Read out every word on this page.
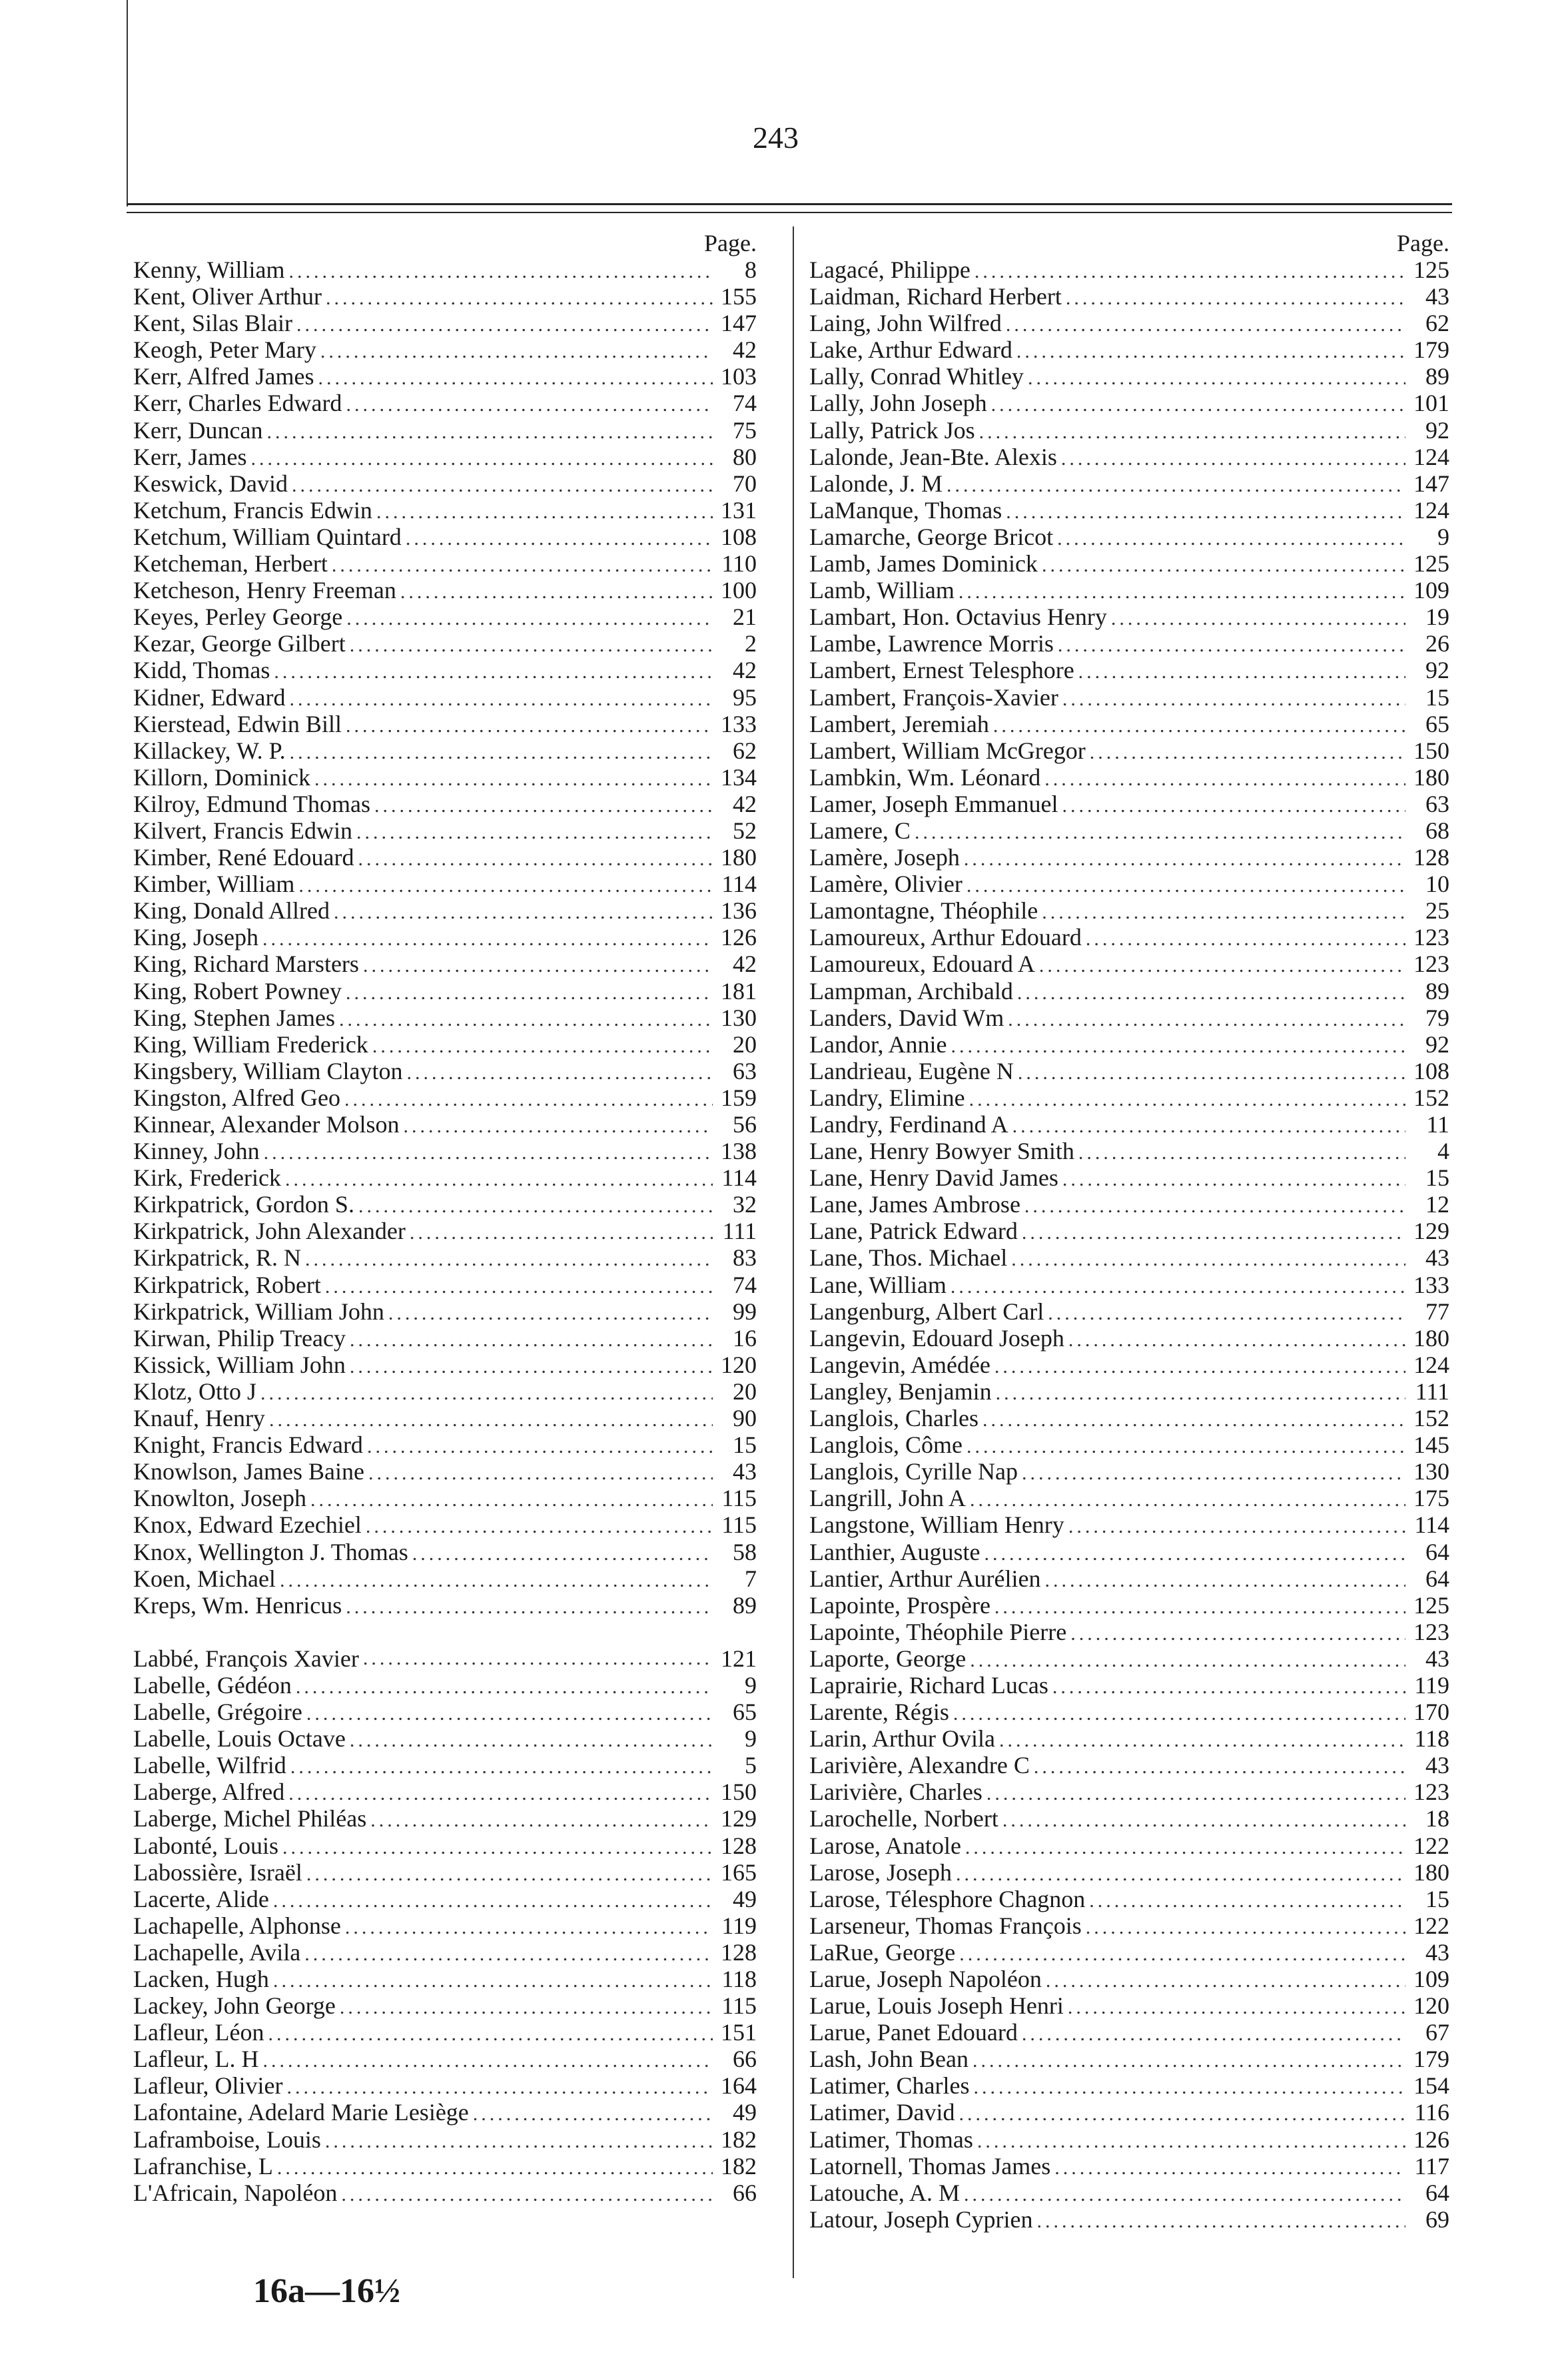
243
Page.
Kenny, William .....	8
Kent, Oliver Arthur .....	155
Kent, Silas Blair .....	147
Keogh, Peter Mary .....	42
Kerr, Alfred James .....	103
Kerr, Charles Edward .....	74
Kerr, Duncan .....	75
Kerr, James .....	80
Keswick, David .....	70
Ketchum, Francis Edwin .....	131
Ketchum, William Quintard .....	108
Ketcheman, Herbert .....	110
Ketcheson, Henry Freeman .....	100
Keyes, Perley George .....	21
Kezar, George Gilbert .....	2
Kidd, Thomas .....	42
Kidner, Edward .....	95
Kierstead, Edwin Bill .....	133
Killackey, W. P. .....	62
Killorn, Dominick .....	134
Kilroy, Edmund Thomas .....	42
Kilvert, Francis Edwin .....	52
Kimber, René Edouard .....	180
Kimber, William .....	114
King, Donald Allred .....	136
King, Joseph .....	126
King, Richard Marsters .....	42
King, Robert Powney .....	181
King, Stephen James .....	130
King, William Frederick .....	20
Kingsbery, William Clayton .....	63
Kingston, Alfred Geo .....	159
Kinnear, Alexander Molson .....	56
Kinney, John .....	138
Kirk, Frederick .....	114
Kirkpatrick, Gordon S. .....	32
Kirkpatrick, John Alexander .....	111
Kirkpatrick, R. N .....	83
Kirkpatrick, Robert .....	74
Kirkpatrick, William John .....	99
Kirwan, Philip Treacy .....	16
Kissick, William John .....	120
Klotz, Otto J .....	20
Knauf, Henry .....	90
Knight, Francis Edward .....	15
Knowlson, James Baine .....	43
Knowlton, Joseph .....	115
Knox, Edward Ezechiel .....	115
Knox, Wellington J. Thomas .....	58
Koen, Michael .....	7
Kreps, Wm. Henricus .....	89
Labbé, François Xavier .....	121
Labelle, Gédéon .....	9
Labelle, Grégoire .....	65
Labelle, Louis Octave .....	9
Labelle, Wilfrid .....	5
Laberge, Alfred .....	150
Laberge, Michel Philéas .....	129
Labonté, Louis .....	128
Labossière, Israël .....	165
Lacerte, Alide .....	49
Lachapelle, Alphonse .....	119
Lachapelle, Avila .....	128
Lacken, Hugh .....	118
Lackey, John George .....	115
Lafleur, Léon .....	151
Lafleur, L. H .....	66
Lafleur, Olivier .....	164
Lafontaine, Adelard Marie Lesiège .....	49
Laframboise, Louis .....	182
Lafranchise, L .....	182
L'Africain, Napoléon .....	66
Page.
Lagacé, Philippe .....	125
Laidman, Richard Herbert .....	43
Laing, John Wilfred .....	62
Lake, Arthur Edward .....	179
Lally, Conrad Whitley .....	89
Lally, John Joseph .....	101
Lally, Patrick Jos .....	92
Lalonde, Jean-Bte. Alexis .....	124
Lalonde, J. M .....	147
LaManque, Thomas .....	124
Lamarche, George Bricot .....	9
Lamb, James Dominick .....	125
Lamb, William .....	109
Lambart, Hon. Octavius Henry .....	19
Lambe, Lawrence Morris .....	26
Lambert, Ernest Telesphore .....	92
Lambert, François-Xavier .....	15
Lambert, Jeremiah .....	65
Lambert, William McGregor .....	150
Lambkin, Wm. Léonard .....	180
Lamer, Joseph Emmanuel .....	63
Lamere, C .....	68
Lamère, Joseph .....	128
Lamère, Olivier .....	10
Lamontagne, Théophile .....	25
Lamoureux, Arthur Edouard .....	123
Lamoureux, Edouard A .....	123
Lampman, Archibald .....	89
Landers, David Wm .....	79
Landor, Annie .....	92
Landrieau, Eugène N .....	108
Landry, Elimine .....	152
Landry, Ferdinand A .....	11
Lane, Henry Bowyer Smith .....	4
Lane, Henry David James .....	15
Lane, James Ambrose .....	12
Lane, Patrick Edward .....	129
Lane, Thos. Michael .....	43
Lane, William .....	133
Langenburg, Albert Carl .....	77
Langevin, Edouard Joseph .....	180
Langevin, Amédée .....	124
Langley, Benjamin .....	111
Langlois, Charles .....	152
Langlois, Côme .....	145
Langlois, Cyrille Nap .....	130
Langrill, John A .....	175
Langstone, William Henry .....	114
Lanthier, Auguste .....	64
Lantier, Arthur Aurélien .....	64
Lapointe, Prospère .....	125
Lapointe, Théophile Pierre .....	123
Laporte, George .....	43
Laprairie, Richard Lucas .....	119
Larente, Régis .....	170
Larin, Arthur Ovila .....	118
Larivière, Alexandre C .....	43
Larivière, Charles .....	123
Larochelle, Norbert .....	18
Larose, Anatole .....	122
Larose, Joseph .....	180
Larose, Télesphore Chagnon .....	15
Larseneur, Thomas François .....	122
LaRue, George .....	43
Larue, Joseph Napoléon .....	109
Larue, Louis Joseph Henri .....	120
Larue, Panet Edouard .....	67
Lash, John Bean .....	179
Latimer, Charles .....	154
Latimer, David .....	116
Latimer, Thomas .....	126
Latornell, Thomas James .....	117
Latouche, A. M .....	64
Latour, Joseph Cyprien .....	69
16a—16½
